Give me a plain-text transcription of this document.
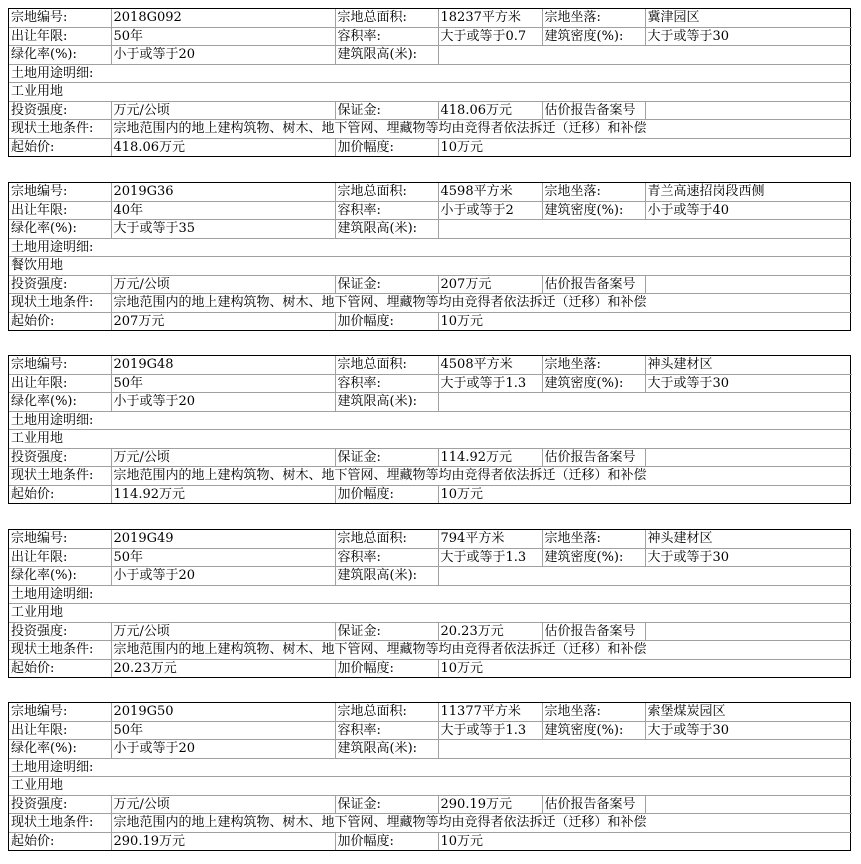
宗地编号:	2018G092	宗地总面积:	18237平方米	宗地坐落:	冀津园区
出让年限:	50年	容积率:	大于或等于0.7	建筑密度(%):	大于或等于30
绿化率(%):	小于或等于20	建筑限高(米):			
土地用途明细:					
工业用地					
投资强度:	万元/公顷	保证金:	418.06万元	估价报告备案号	
现状土地条件:	宗地范围内的地上建构筑物、树木、地下管网、埋藏物等均由竞得者依法拆迁（迁移）和补偿				
起始价:	418.06万元	加价幅度:	10万元		
宗地编号:	2019G36	宗地总面积:	4598平方米	宗地坐落:	青兰高速招岗段西侧
出让年限:	40年	容积率:	小于或等于2	建筑密度(%):	小于或等于40
绿化率(%):	大于或等于35	建筑限高(米):			
土地用途明细:					
餐饮用地					
投资强度:	万元/公顷	保证金:	207万元	估价报告备案号	
现状土地条件:	宗地范围内的地上建构筑物、树木、地下管网、埋藏物等均由竞得者依法拆迁（迁移）和补偿				
起始价:	207万元	加价幅度:	10万元		
宗地编号:	2019G48	宗地总面积:	4508平方米	宗地坐落:	神头建材区
出让年限:	50年	容积率:	大于或等于1.3	建筑密度(%):	大于或等于30
绿化率(%):	小于或等于20	建筑限高(米):			
土地用途明细:					
工业用地					
投资强度:	万元/公顷	保证金:	114.92万元	估价报告备案号	
现状土地条件:	宗地范围内的地上建构筑物、树木、地下管网、埋藏物等均由竞得者依法拆迁（迁移）和补偿				
起始价:	114.92万元	加价幅度:	10万元		
宗地编号:	2019G49	宗地总面积:	794平方米	宗地坐落:	神头建材区
出让年限:	50年	容积率:	大于或等于1.3	建筑密度(%):	大于或等于30
绿化率(%):	小于或等于20	建筑限高(米):			
土地用途明细:					
工业用地					
投资强度:	万元/公顷	保证金:	20.23万元	估价报告备案号	
现状土地条件:	宗地范围内的地上建构筑物、树木、地下管网、埋藏物等均由竞得者依法拆迁（迁移）和补偿				
起始价:	20.23万元	加价幅度:	10万元		
宗地编号:	2019G50	宗地总面积:	11377平方米	宗地坐落:	索堡煤炭园区
出让年限:	50年	容积率:	大于或等于1.3	建筑密度(%):	大于或等于30
绿化率(%):	小于或等于20	建筑限高(米):			
土地用途明细:					
工业用地					
投资强度:	万元/公顷	保证金:	290.19万元	估价报告备案号	
现状土地条件:	宗地范围内的地上建构筑物、树木、地下管网、埋藏物等均由竞得者依法拆迁（迁移）和补偿				
起始价:	290.19万元	加价幅度:	10万元		
